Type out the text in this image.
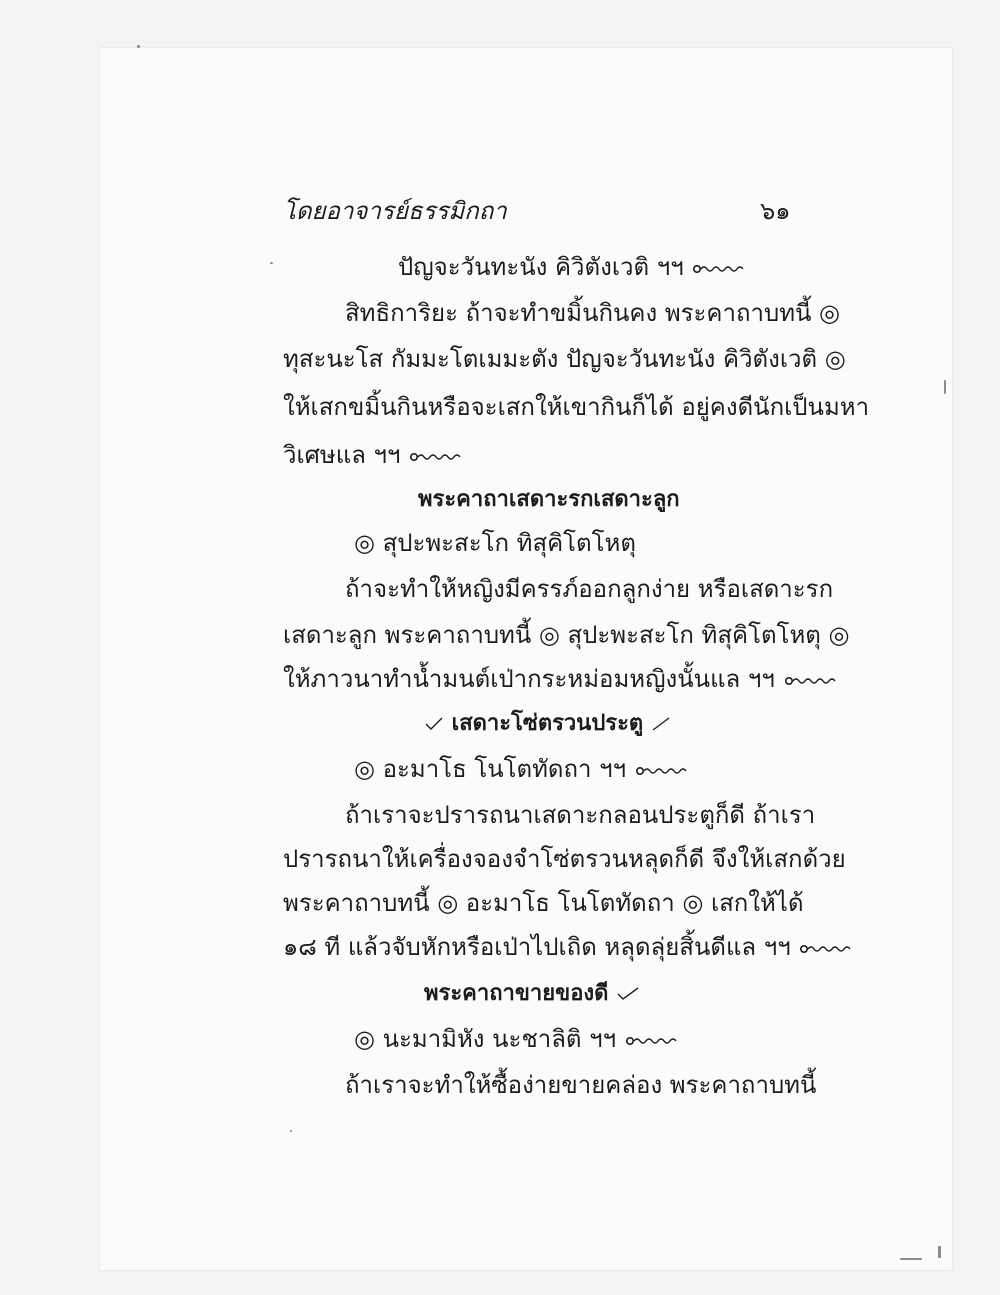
โดยอาจารย์ธรรมิกถา	๖๑
ปัญจะวันทะนัง คิวิตังเวติ ฯฯ
สิทธิการิยะ ถ้าจะทำขมิ้นกินคง พระคาถาบทนี้ ◎
ทุสะนะโส กัมมะโตเมมะตัง ปัญจะวันทะนัง คิวิตังเวติ ◎
ให้เสกขมิ้นกินหรือจะเสกให้เขากินก็ได้ อยู่คงดีนักเป็นมหา
วิเศษแล ฯฯ
พระคาถาเสดาะรกเสดาะลูก
◎ สุปะพะสะโก ทิสุคิโตโหตุ
ถ้าจะทำให้หญิงมีครรภ์ออกลูกง่าย หรือเสดาะรก
เสดาะลูก พระคาถาบทนี้ ◎ สุปะพะสะโก ทิสุคิโตโหตุ ◎
ให้ภาวนาทำน้ำมนต์เป่ากระหม่อมหญิงนั้นแล ฯฯ
เสดาะโซ่ตรวนประตู
◎ อะมาโธ โนโตทัดถา ฯฯ
ถ้าเราจะปรารถนาเสดาะกลอนประตูก็ดี ถ้าเรา
ปรารถนาให้เครื่องจองจำโซ่ตรวนหลุดก็ดี จึงให้เสกด้วย
พระคาถาบทนี้ ◎ อะมาโธ โนโตทัดถา ◎ เสกให้ได้
๑๘ ที แล้วจับหักหรือเป่าไปเถิด หลุดลุ่ยสิ้นดีแล ฯฯ
พระคาถาขายของดี
◎ นะมามิหัง นะชาลิติ ฯฯ
ถ้าเราจะทำให้ซื้อง่ายขายคล่อง พระคาถาบทนี้
